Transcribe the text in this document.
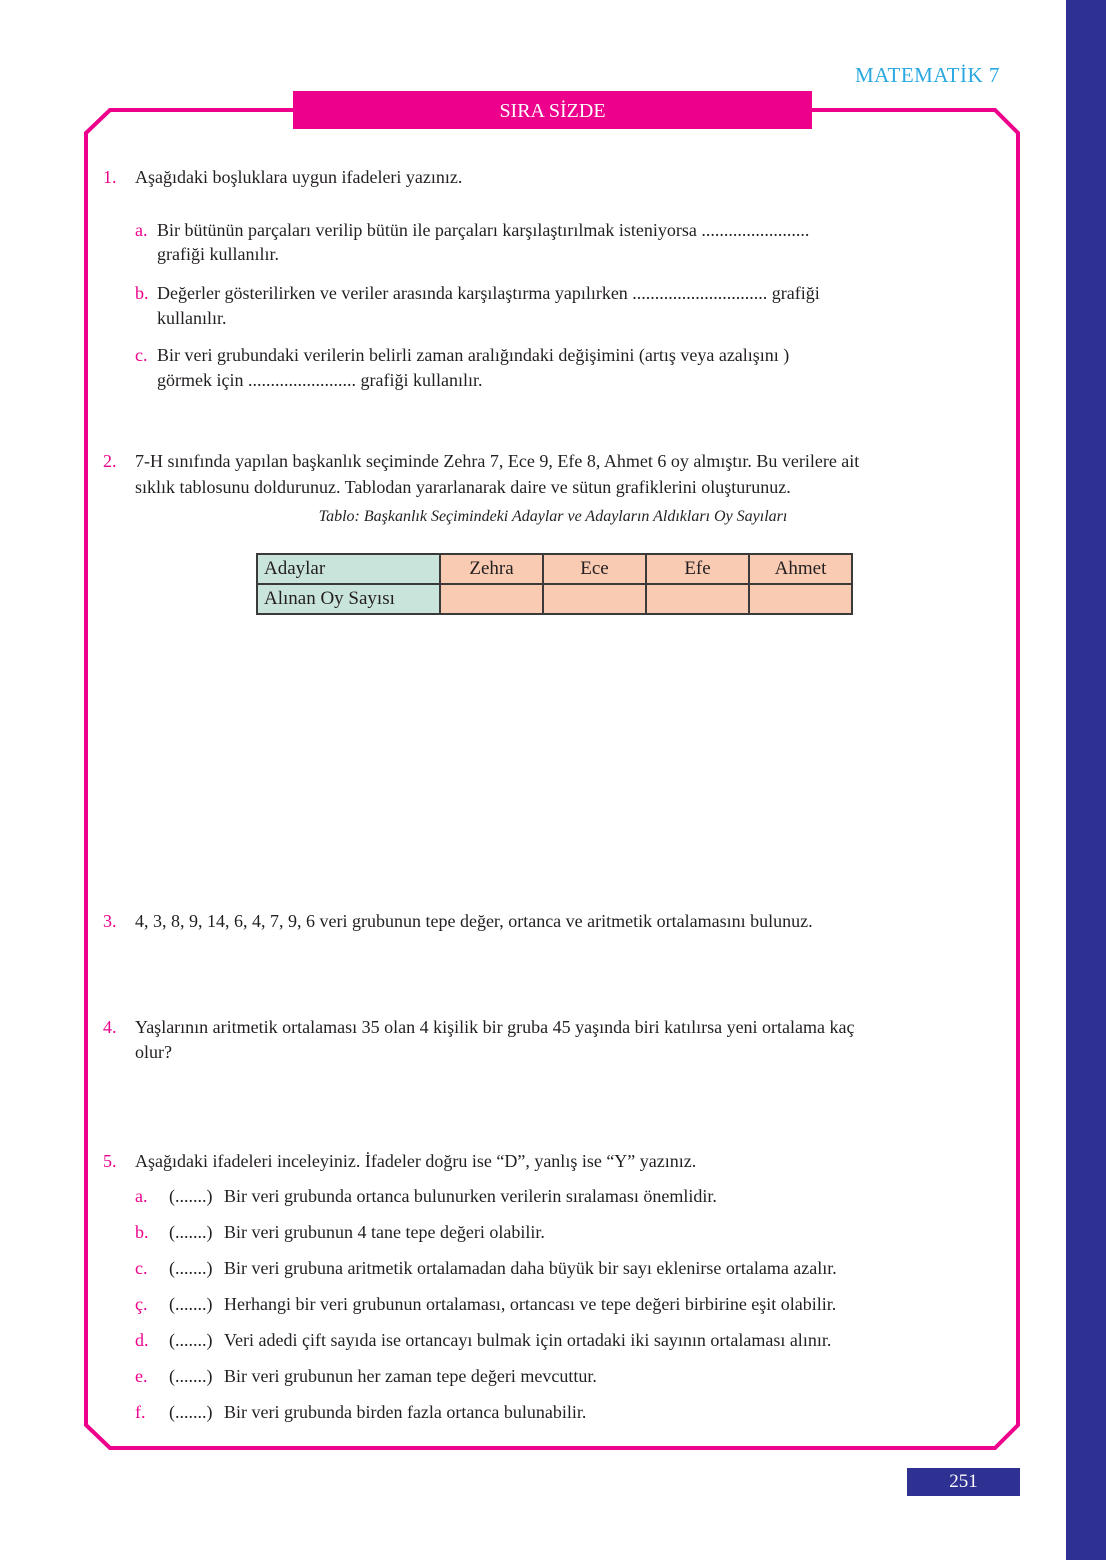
MATEMATİK 7
SIRA SİZDE
1. Aşağıdaki boşluklara uygun ifadeleri yazınız.
a. Bir bütünün parçaları verilip bütün ile parçaları karşılaştırılmak isteniyorsa ........................
grafiği kullanılır.
b. Değerler gösterilirken ve veriler arasında karşılaştırma yapılırken .............................. grafiği
kullanılır.
c. Bir veri grubundaki verilerin belirli zaman aralığındaki değişimini (artış veya azalışını )
görmek için ........................ grafiği kullanılır.
2. 7-H sınıfında yapılan başkanlık seçiminde Zehra 7, Ece 9, Efe 8, Ahmet 6 oy almıştır. Bu verilere ait
sıklık tablosunu doldurunuz. Tablodan yararlanarak daire ve sütun grafiklerini oluşturunuz.
Tablo: Başkanlık Seçimindeki Adaylar ve Adayların Aldıkları Oy Sayıları
Adaylar	Zehra	Ece	Efe	Ahmet
Alınan Oy Sayısı				
3. 4, 3, 8, 9, 14, 6, 4, 7, 9, 6 veri grubunun tepe değer, ortanca ve aritmetik ortalamasını bulunuz.
4. Yaşlarının aritmetik ortalaması 35 olan 4 kişilik bir gruba 45 yaşında biri katılırsa yeni ortalama kaç
olur?
5. Aşağıdaki ifadeleri inceleyiniz. İfadeler doğru ise “D”, yanlış ise “Y” yazınız.
a. (.......) Bir veri grubunda ortanca bulunurken verilerin sıralaması önemlidir.
b. (.......) Bir veri grubunun 4 tane tepe değeri olabilir.
c. (.......) Bir veri grubuna aritmetik ortalamadan daha büyük bir sayı eklenirse ortalama azalır.
ç. (.......) Herhangi bir veri grubunun ortalaması, ortancası ve tepe değeri birbirine eşit olabilir.
d. (.......) Veri adedi çift sayıda ise ortancayı bulmak için ortadaki iki sayının ortalaması alınır.
e. (.......) Bir veri grubunun her zaman tepe değeri mevcuttur.
f. (.......) Bir veri grubunda birden fazla ortanca bulunabilir.
251
